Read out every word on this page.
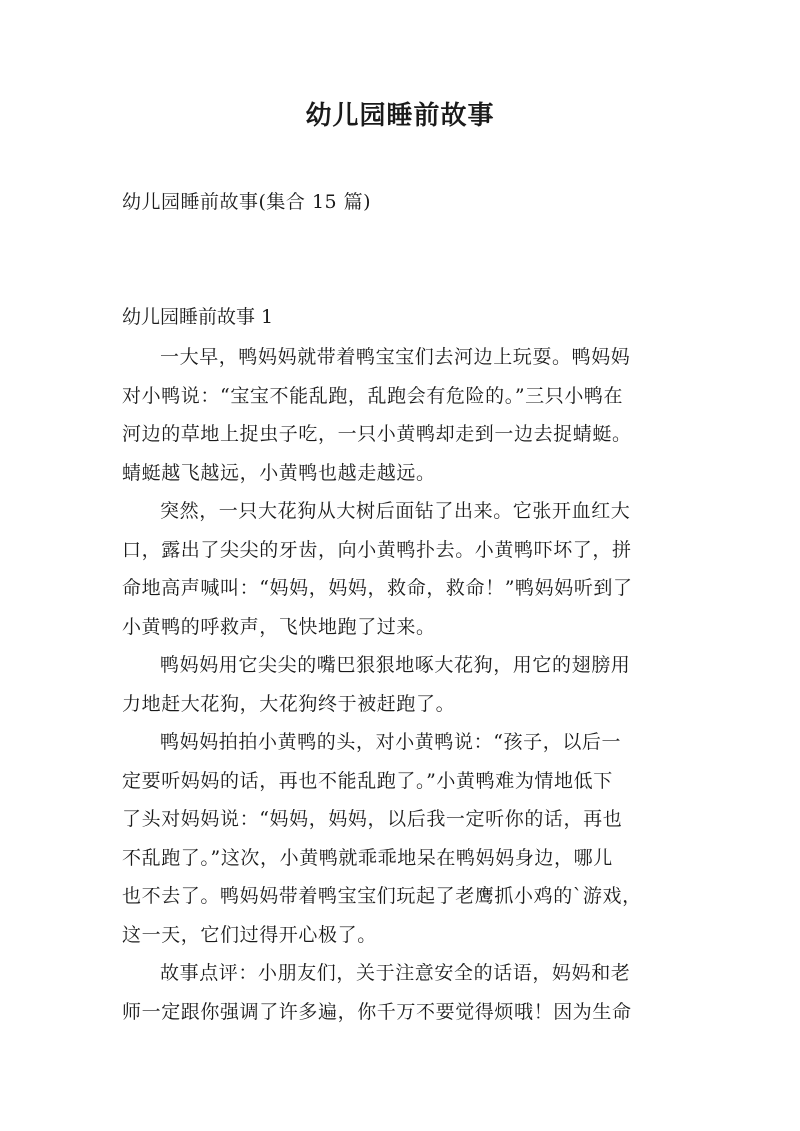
幼儿园睡前故事
幼儿园睡前故事(集合 15 篇)
幼儿园睡前故事 1

一大早，鸭妈妈就带着鸭宝宝们去河边上玩耍。鸭妈妈
对小鸭说：“宝宝不能乱跑，乱跑会有危险的。”三只小鸭在
河边的草地上捉虫子吃，一只小黄鸭却走到一边去捉蜻蜓。
蜻蜓越飞越远，小黄鸭也越走越远。

突然，一只大花狗从大树后面钻了出来。它张开血红大
口，露出了尖尖的牙齿，向小黄鸭扑去。小黄鸭吓坏了，拼
命地高声喊叫：“妈妈，妈妈，救命，救命！”鸭妈妈听到了
小黄鸭的呼救声，飞快地跑了过来。

鸭妈妈用它尖尖的嘴巴狠狠地啄大花狗，用它的翅膀用
力地赶大花狗，大花狗终于被赶跑了。

鸭妈妈拍拍小黄鸭的头，对小黄鸭说：“孩子，以后一
定要听妈妈的话，再也不能乱跑了。”小黄鸭难为情地低下
了头对妈妈说：“妈妈，妈妈，以后我一定听你的话，再也
不乱跑了。”这次，小黄鸭就乖乖地呆在鸭妈妈身边，哪儿
也不去了。鸭妈妈带着鸭宝宝们玩起了老鹰抓小鸡的`游戏，
这一天，它们过得开心极了。

故事点评：小朋友们，关于注意安全的话语，妈妈和老
师一定跟你强调了许多遍，你千万不要觉得烦哦！因为生命
